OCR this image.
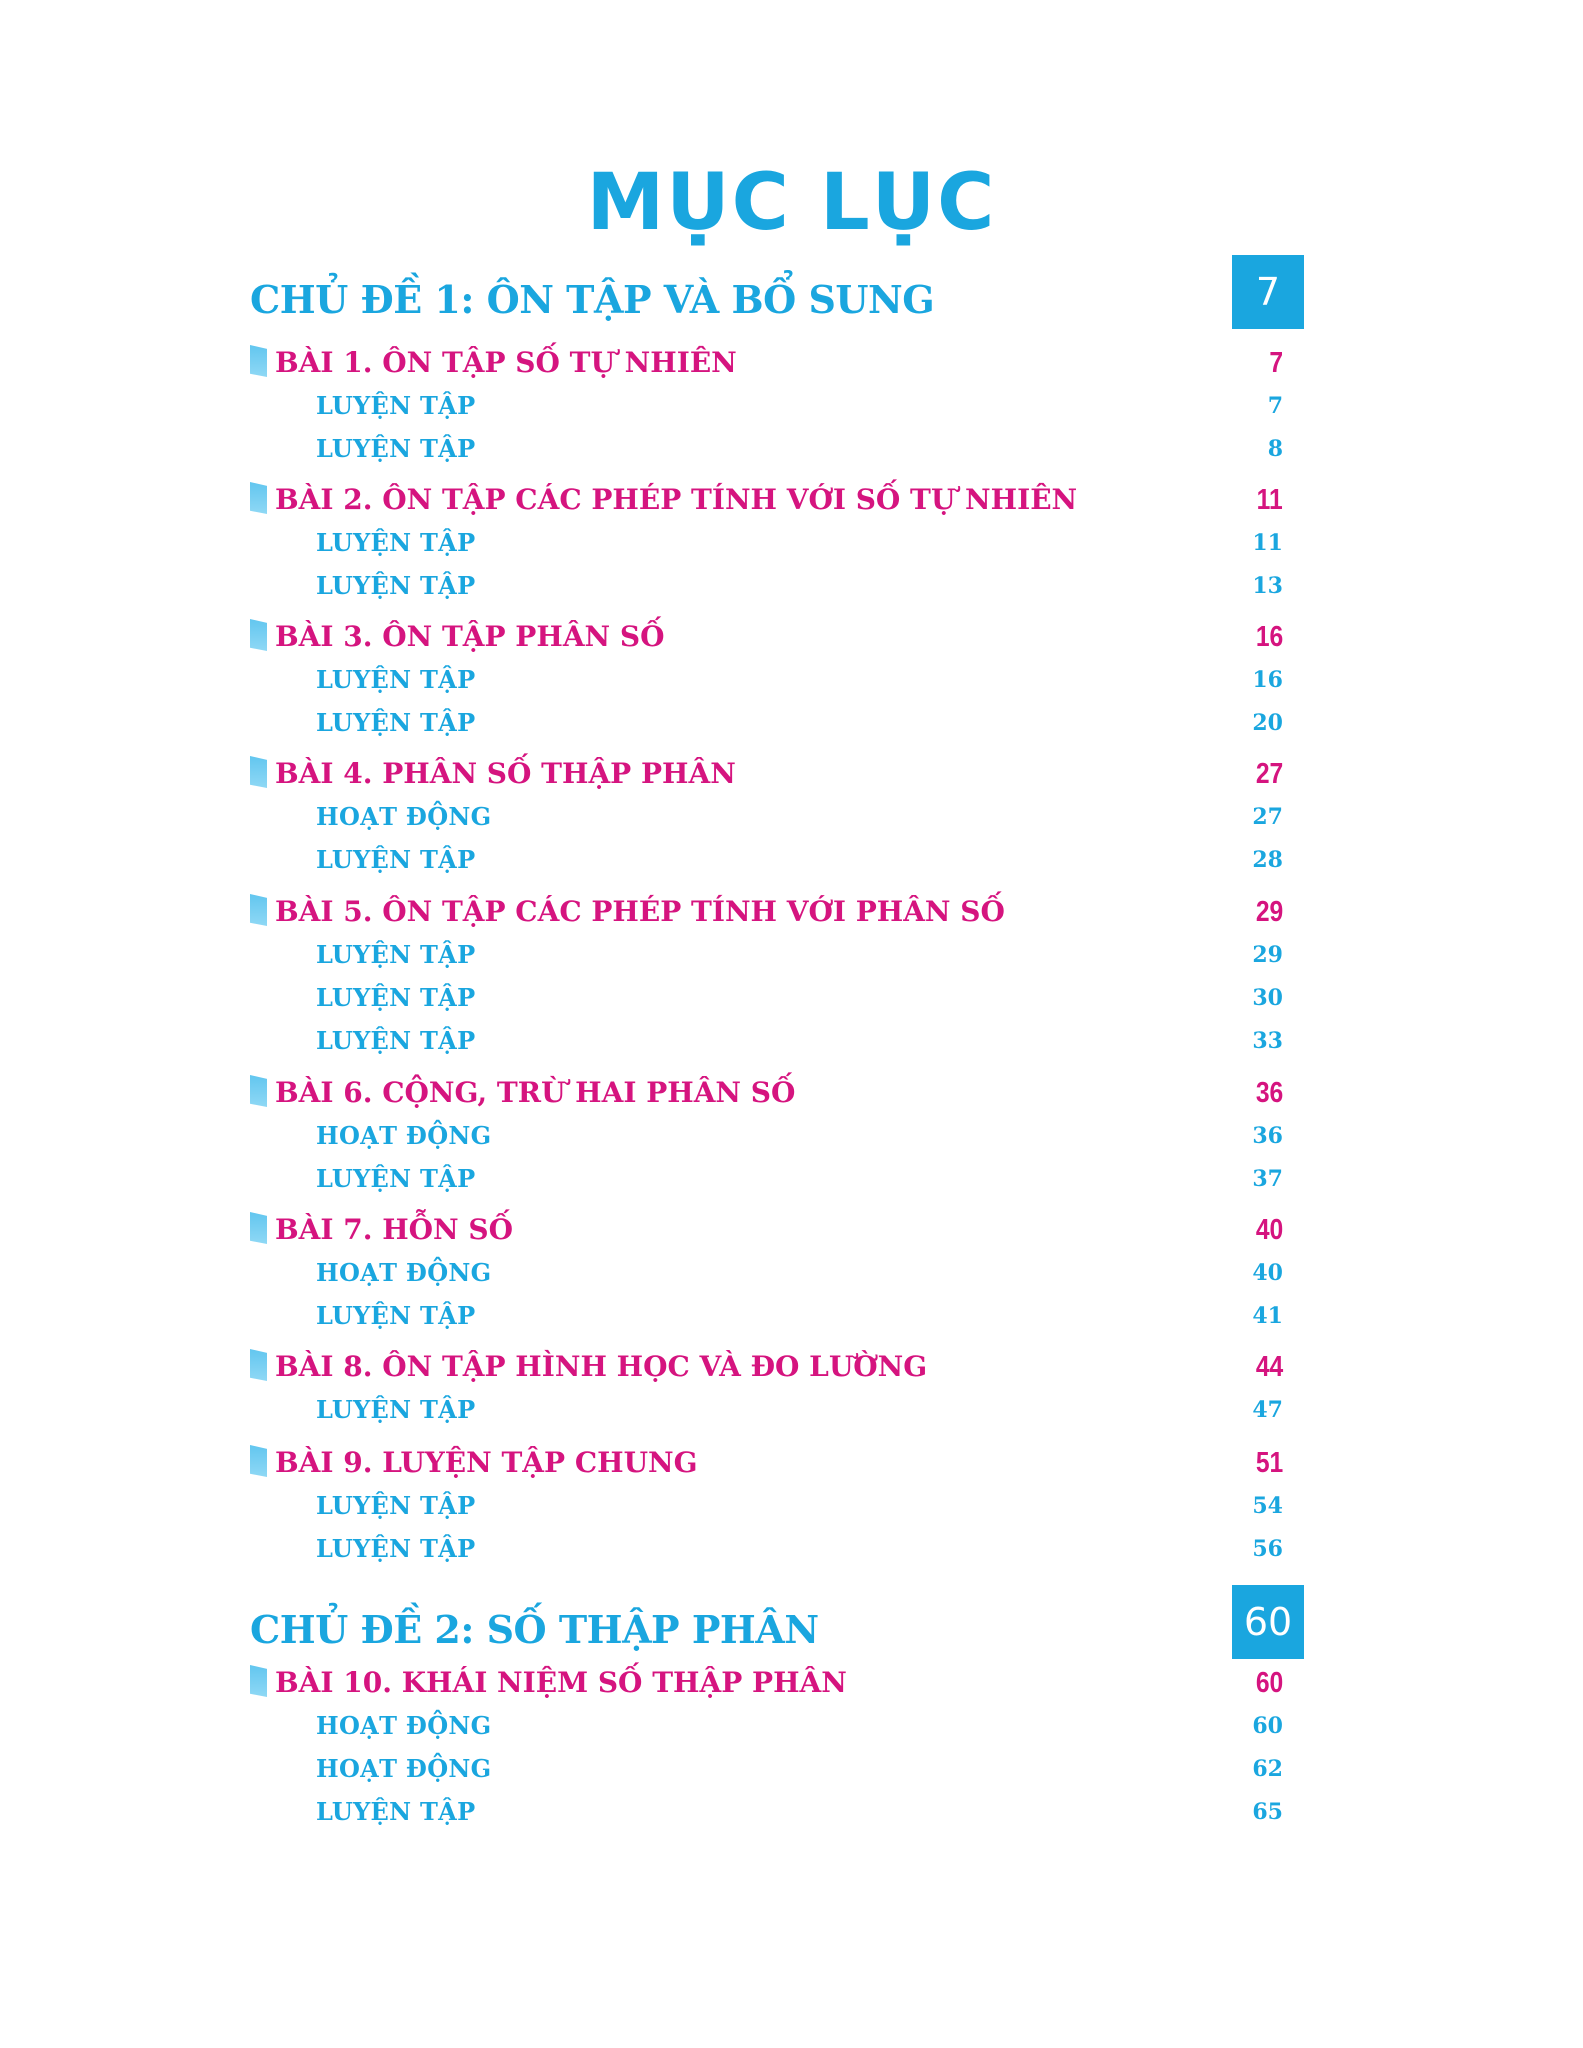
MỤC LỤC
CHỦ ĐỀ 1: ÔN TẬP VÀ BỔ SUNG	7
BÀI 1. ÔN TẬP SỐ TỰ NHIÊN	7
LUYỆN TẬP	7
LUYỆN TẬP	8
BÀI 2. ÔN TẬP CÁC PHÉP TÍNH VỚI SỐ TỰ NHIÊN	11
LUYỆN TẬP	11
LUYỆN TẬP	13
BÀI 3. ÔN TẬP PHÂN SỐ	16
LUYỆN TẬP	16
LUYỆN TẬP	20
BÀI 4. PHÂN SỐ THẬP PHÂN	27
HOẠT ĐỘNG	27
LUYỆN TẬP	28
BÀI 5. ÔN TẬP CÁC PHÉP TÍNH VỚI PHÂN SỐ	29
LUYỆN TẬP	29
LUYỆN TẬP	30
LUYỆN TẬP	33
BÀI 6. CỘNG, TRỪ HAI PHÂN SỐ	36
HOẠT ĐỘNG	36
LUYỆN TẬP	37
BÀI 7. HỖN SỐ	40
HOẠT ĐỘNG	40
LUYỆN TẬP	41
BÀI 8. ÔN TẬP HÌNH HỌC VÀ ĐO LƯỜNG	44
LUYỆN TẬP	47
BÀI 9. LUYỆN TẬP CHUNG	51
LUYỆN TẬP	54
LUYỆN TẬP	56
CHỦ ĐỀ 2: SỐ THẬP PHÂN	60
BÀI 10. KHÁI NIỆM SỐ THẬP PHÂN	60
HOẠT ĐỘNG	60
HOẠT ĐỘNG	62
LUYỆN TẬP	65
